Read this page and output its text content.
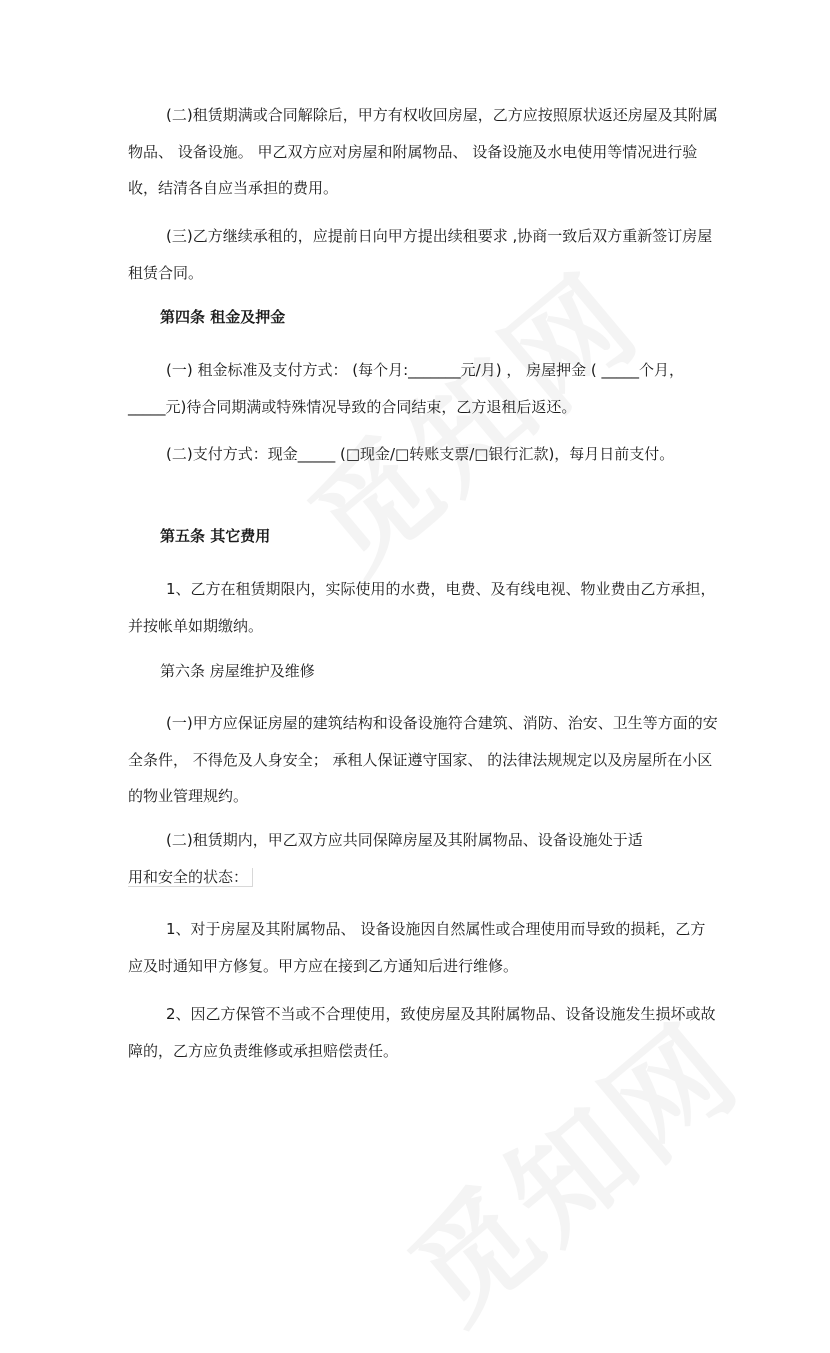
(二)租赁期满或合同解除后，甲方有权收回房屋，乙方应按照原状返还房屋及其附属物品、 设备设施。 甲乙双方应对房屋和附属物品、 设备设施及水电使用等情况进行验收，结清各自应当承担的费用。

(三)乙方继续承租的，应提前日向甲方提出续租要求 ,协商一致后双方重新签订房屋租赁合同。

第四条 租金及押金

(一) 租金标准及支付方式： (每个月:_______元/月) ， 房屋押金 ( _____个月， _____元)待合同期满或特殊情况导致的合同结束，乙方退租后返还。

(二)支付方式：现金_____ (□现金/□转账支票/□银行汇款)，每月日前支付。

第五条 其它费用

1、乙方在租赁期限内，实际使用的水费，电费、及有线电视、物业费由乙方承担，并按帐单如期缴纳。

第六条 房屋维护及维修

(一)甲方应保证房屋的建筑结构和设备设施符合建筑、消防、治安、卫生等方面的安全条件， 不得危及人身安全； 承租人保证遵守国家、 的法律法规规定以及房屋所在小区的物业管理规约。

(二)租赁期内，甲乙双方应共同保障房屋及其附属物品、设备设施处于适
用和安全的状态：

1、对于房屋及其附属物品、 设备设施因自然属性或合理使用而导致的损耗，乙方应及时通知甲方修复。甲方应在接到乙方通知后进行维修。

2、因乙方保管不当或不合理使用，致使房屋及其附属物品、设备设施发生损坏或故障的，乙方应负责维修或承担赔偿责任。
